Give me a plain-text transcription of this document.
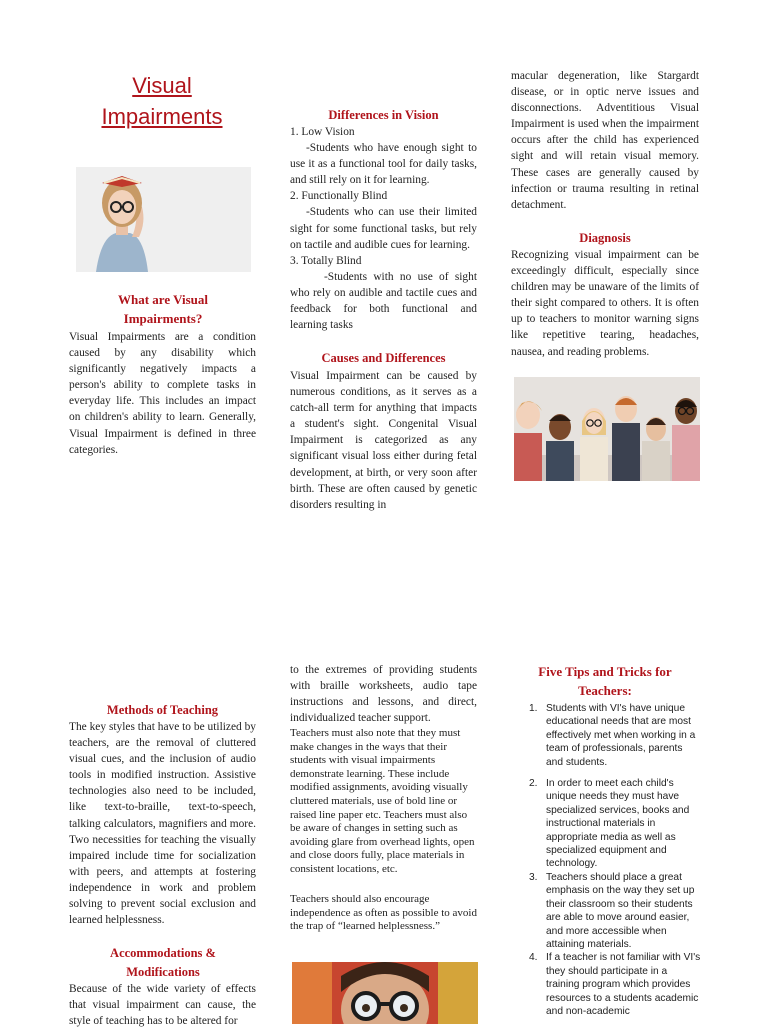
Visual
Impairments
What are Visual Impairments?
Visual Impairments are a condition caused by any disability which significantly negatively impacts a person's ability to complete tasks in everyday life. This includes an impact on children's ability to learn. Generally, Visual Impairment is defined in three categories.
Differences in Vision
1. Low Vision
-Students who have enough sight to use it as a functional tool for daily tasks, and still rely on it for learning.
2. Functionally Blind
-Students who can use their limited sight for some functional tasks, but rely on tactile and audible cues for learning.
3. Totally Blind
-Students with no use of sight who rely on audible and tactile cues and feedback for both functional and learning tasks
Causes and Differences
Visual Impairment can be caused by numerous conditions, as it serves as a catch-all term for anything that impacts a student's sight. Congenital Visual Impairment is categorized as any significant visual loss either during fetal development, at birth, or very soon after birth. These are often caused by genetic disorders resulting in
macular degeneration, like Stargardt disease, or in optic nerve issues and disconnections. Adventitious Visual Impairment is used when the impairment occurs after the child has experienced sight and will retain visual memory. These cases are generally caused by infection or trauma resulting in retinal detachment.
Diagnosis
Recognizing visual impairment can be exceedingly difficult, especially since children may be unaware of the limits of their sight compared to others. It is often up to teachers to monitor warning signs like repetitive tearing, headaches, nausea, and reading problems.
Methods of Teaching
The key styles that have to be utilized by teachers, are the removal of cluttered visual cues, and the inclusion of audio tools in modified instruction. Assistive technologies also need to be included, like text-to-braille, text-to-speech, talking calculators, magnifiers and more. Two necessities for teaching the visually impaired include time for socialization with peers, and attempts at fostering independence in work and problem solving to prevent social exclusion and learned helplessness.
Accommodations & Modifications
Because of the wide variety of effects that visual impairment can cause, the style of teaching has to be altered for
to the extremes of providing students with braille worksheets, audio tape instructions and lessons, and direct, individualized teacher support.
Teachers must also note that they must make changes in the ways that their students with visual impairments demonstrate learning. These include modified assignments, avoiding visually cluttered materials, use of bold line or raised line paper etc. Teachers must also be aware of changes in setting such as avoiding glare from overhead lights, open and close doors fully, place materials in consistent locations, etc.
Teachers should also encourage independence as often as possible to avoid the trap of “learned helplessness.”
Five Tips and Tricks for
Teachers:
1. Students with VI's have unique educational needs that are most effectively met when working in a team of professionals, parents and students.
2. In order to meet each child's unique needs they must have specialized services, books and instructional materials in appropriate media as well as specialized equipment and technology.
3. Teachers should place a great emphasis on the way they set up their classroom so their students are able to move around easier, and more accessible when attaining materials.
4. If a teacher is not familiar with VI's they should participate in a training program which provides resources to a students academic and non-academic
